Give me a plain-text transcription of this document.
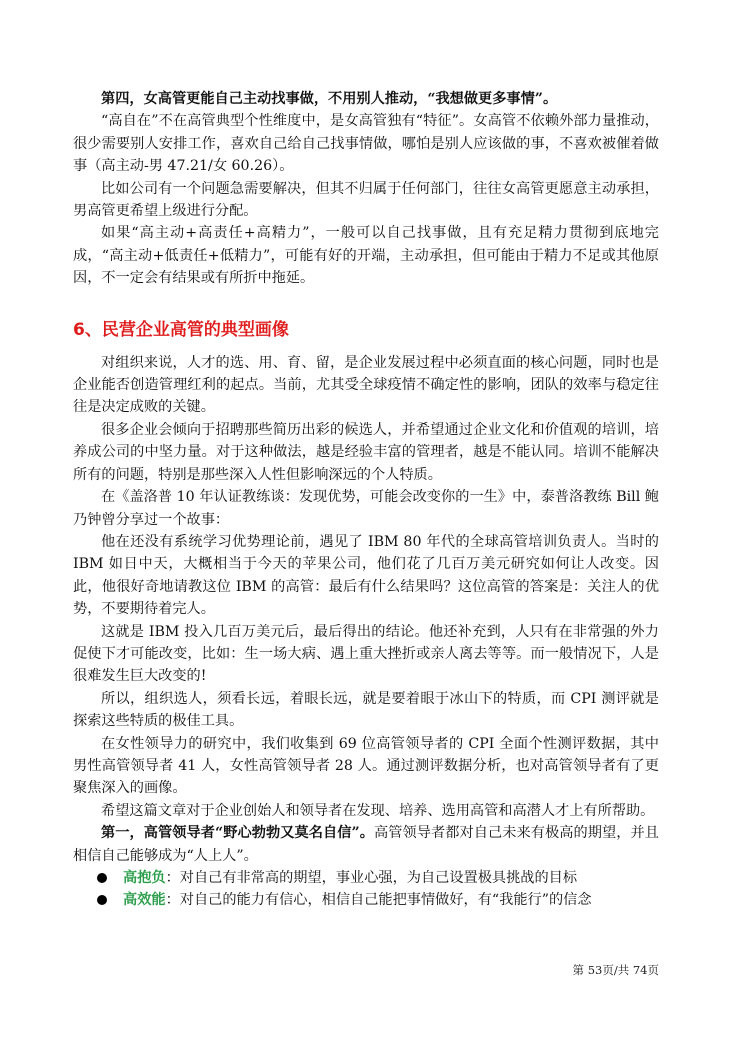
第四，女高管更能自己主动找事做，不用别人推动，“我想做更多事情”。

“高自在”不在高管典型个性维度中，是女高管独有“特征”。女高管不依赖外部力量推动，很少需要别人安排工作，喜欢自己给自己找事情做，哪怕是别人应该做的事，不喜欢被催着做事（高主动-男 47.21/女 60.26）。

比如公司有一个问题急需要解决，但其不归属于任何部门，往往女高管更愿意主动承担，男高管更希望上级进行分配。

如果“高主动+高责任+高精力”，一般可以自己找事做，且有充足精力贯彻到底地完成，“高主动+低责任+低精力”，可能有好的开端，主动承担，但可能由于精力不足或其他原因，不一定会有结果或有所折中拖延。

6、民营企业高管的典型画像

对组织来说，人才的选、用、育、留，是企业发展过程中必须直面的核心问题，同时也是企业能否创造管理红利的起点。当前，尤其受全球疫情不确定性的影响，团队的效率与稳定往往是决定成败的关键。

很多企业会倾向于招聘那些简历出彩的候选人，并希望通过企业文化和价值观的培训，培养成公司的中坚力量。对于这种做法，越是经验丰富的管理者，越是不能认同。培训不能解决所有的问题，特别是那些深入人性但影响深远的个人特质。

在《盖洛普 10 年认证教练谈：发现优势，可能会改变你的一生》中，泰普洛教练 Bill 鲍乃钟曾分享过一个故事：

他在还没有系统学习优势理论前，遇见了 IBM 80 年代的全球高管培训负责人。当时的 IBM 如日中天，大概相当于今天的苹果公司，他们花了几百万美元研究如何让人改变。因此，他很好奇地请教这位 IBM 的高管：最后有什么结果吗？这位高管的答案是：关注人的优势，不要期待着完人。

这就是 IBM 投入几百万美元后，最后得出的结论。他还补充到，人只有在非常强的外力促使下才可能改变，比如：生一场大病、遇上重大挫折或亲人离去等等。而一般情况下，人是很难发生巨大改变的!

所以，组织选人，须看长远，着眼长远，就是要着眼于冰山下的特质，而 CPI 测评就是探索这些特质的极佳工具。

在女性领导力的研究中，我们收集到 69 位高管领导者的 CPI 全面个性测评数据，其中男性高管领导者 41 人，女性高管领导者 28 人。通过测评数据分析，也对高管领导者有了更聚焦深入的画像。

希望这篇文章对于企业创始人和领导者在发现、培养、选用高管和高潜人才上有所帮助。

第一，高管领导者“野心勃勃又莫名自信”。高管领导者都对自己未来有极高的期望，并且相信自己能够成为“人上人”。

高抱负：对自己有非常高的期望，事业心强，为自己设置极具挑战的目标
高效能：对自己的能力有信心，相信自己能把事情做好，有“我能行”的信念
第 53页/共 74页
